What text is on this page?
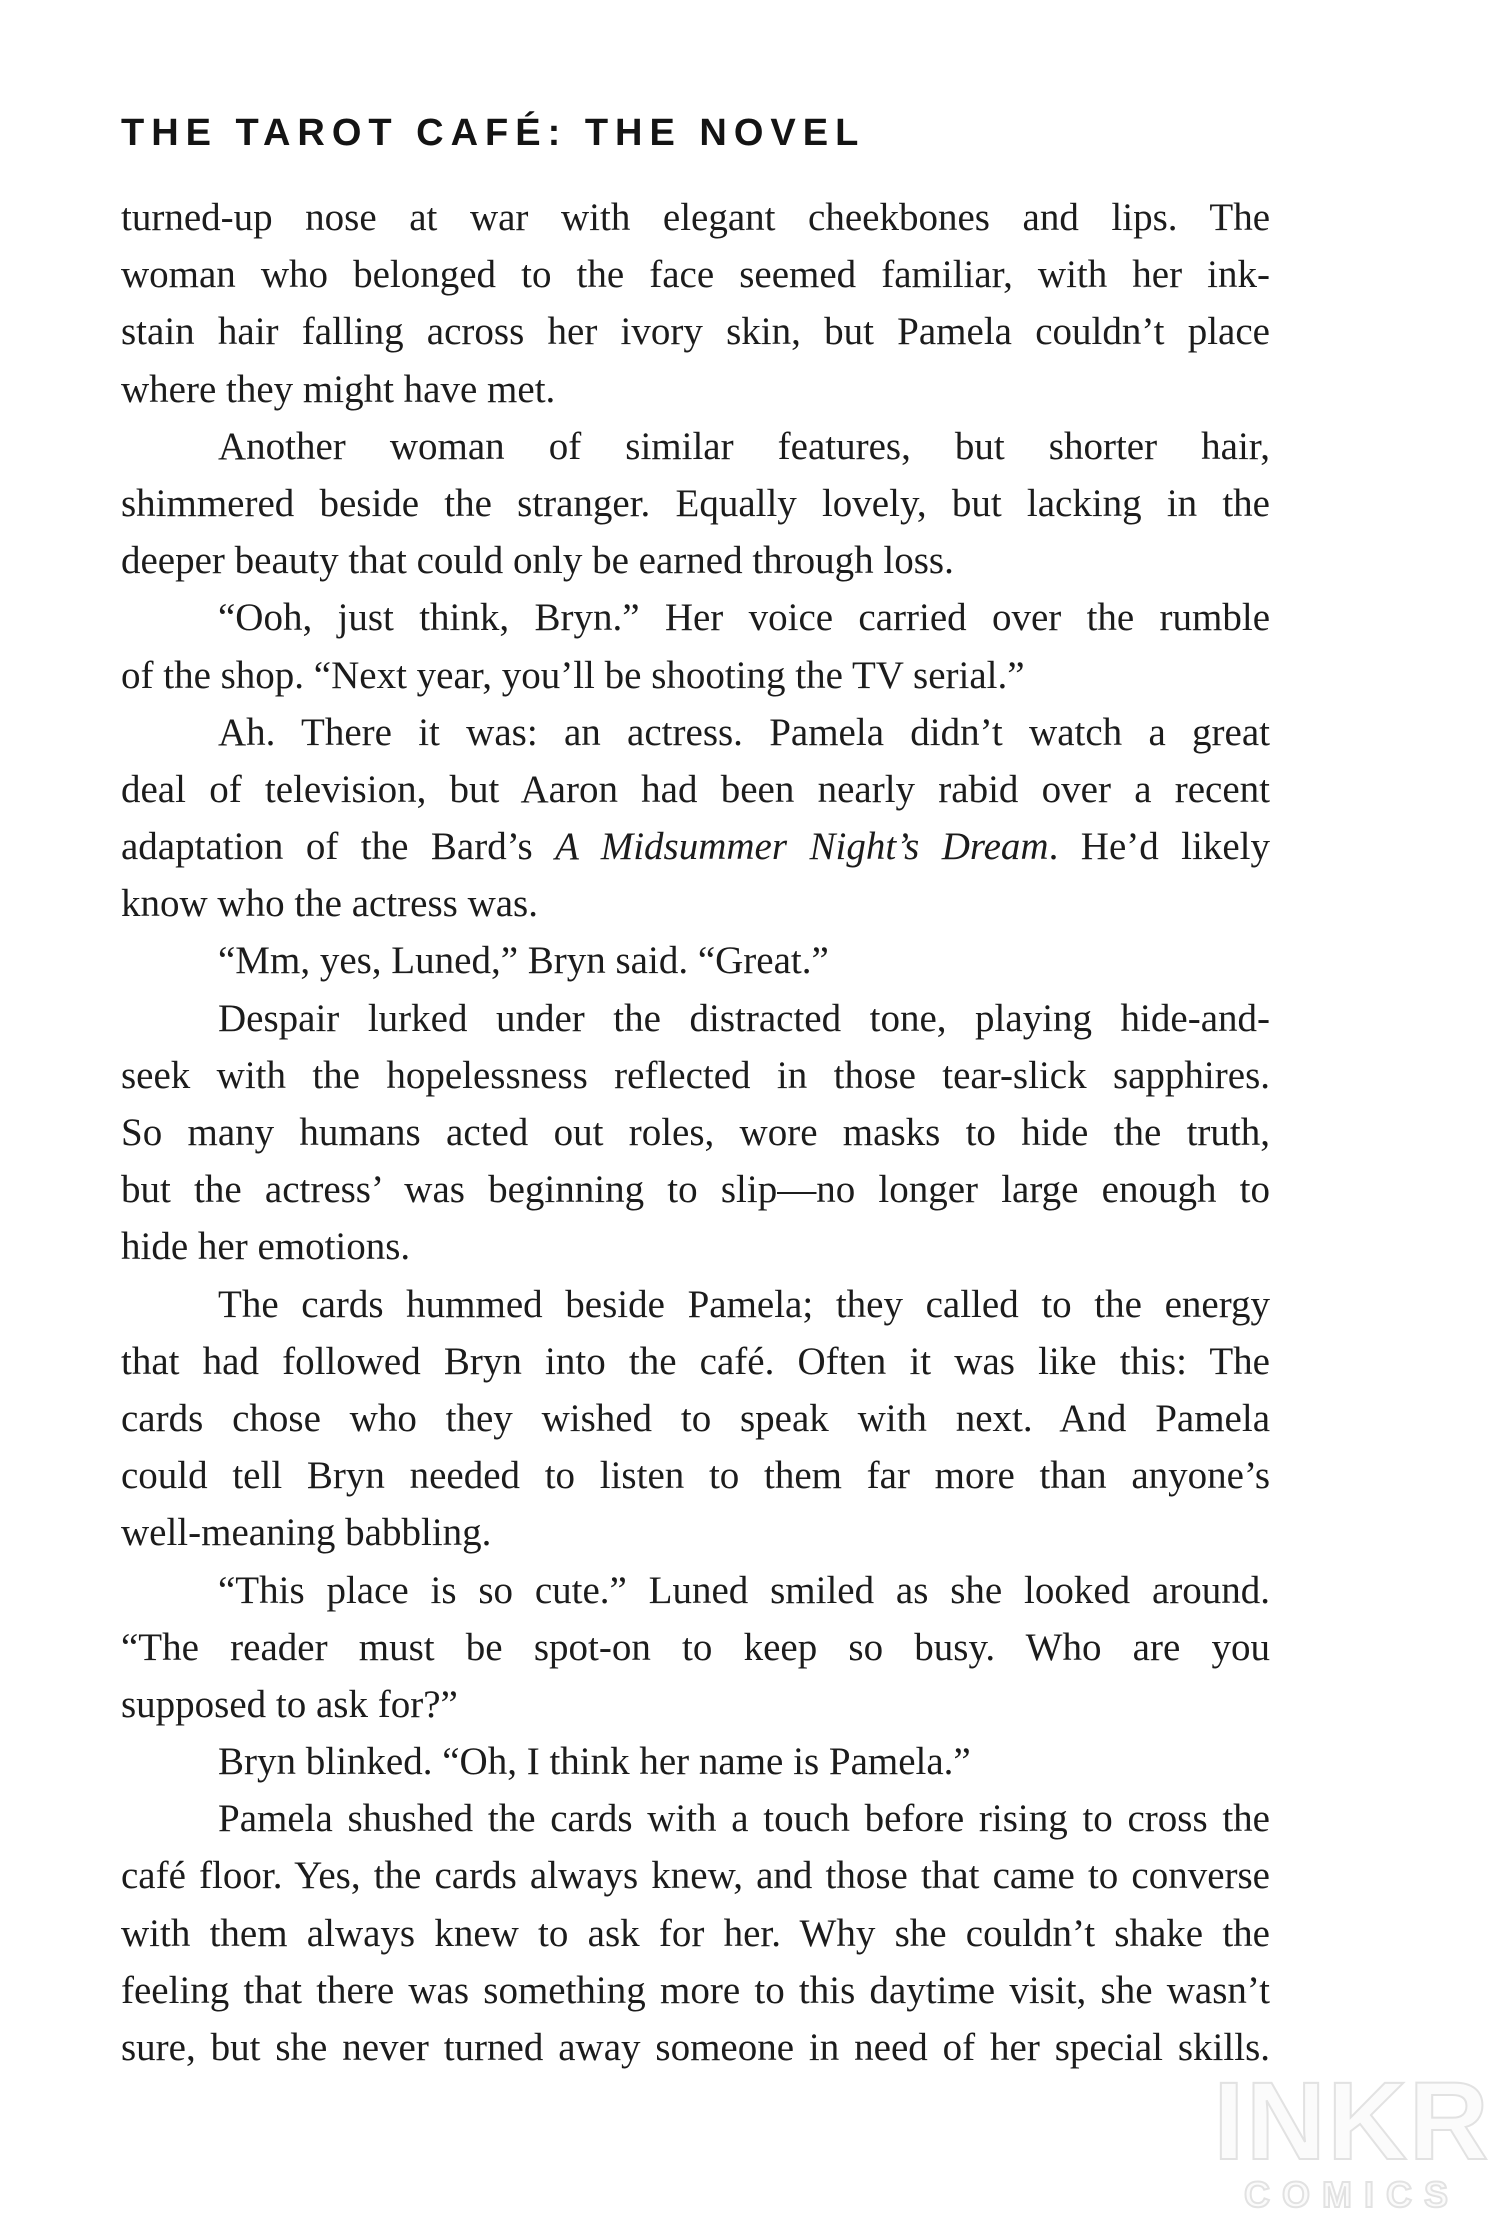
THE TAROT CAFÉ: THE NOVEL
turned-up nose at war with elegant cheekbones and lips. The
woman who belonged to the face seemed familiar, with her ink-
stain hair falling across her ivory skin, but Pamela couldn’t place
where they might have met.
Another woman of similar features, but shorter hair,
shimmered beside the stranger. Equally lovely, but lacking in the
deeper beauty that could only be earned through loss.
“Ooh, just think, Bryn.” Her voice carried over the rumble
of the shop. “Next year, you’ll be shooting the TV serial.”
Ah. There it was: an actress. Pamela didn’t watch a great
deal of television, but Aaron had been nearly rabid over a recent
adaptation of the Bard’s A Midsummer Night’s Dream. He’d likely
know who the actress was.
“Mm, yes, Luned,” Bryn said. “Great.”
Despair lurked under the distracted tone, playing hide-and-
seek with the hopelessness reflected in those tear-slick sapphires.
So many humans acted out roles, wore masks to hide the truth,
but the actress’ was beginning to slip—no longer large enough to
hide her emotions.
The cards hummed beside Pamela; they called to the energy
that had followed Bryn into the café. Often it was like this: The
cards chose who they wished to speak with next. And Pamela
could tell Bryn needed to listen to them far more than anyone’s
well-meaning babbling.
“This place is so cute.” Luned smiled as she looked around.
“The reader must be spot-on to keep so busy. Who are you
supposed to ask for?”
Bryn blinked. “Oh, I think her name is Pamela.”
Pamela shushed the cards with a touch before rising to cross the
café floor. Yes, the cards always knew, and those that came to converse
with them always knew to ask for her. Why she couldn’t shake the
feeling that there was something more to this daytime visit, she wasn’t
sure, but she never turned away someone in need of her special skills.
INKR
COMICS
